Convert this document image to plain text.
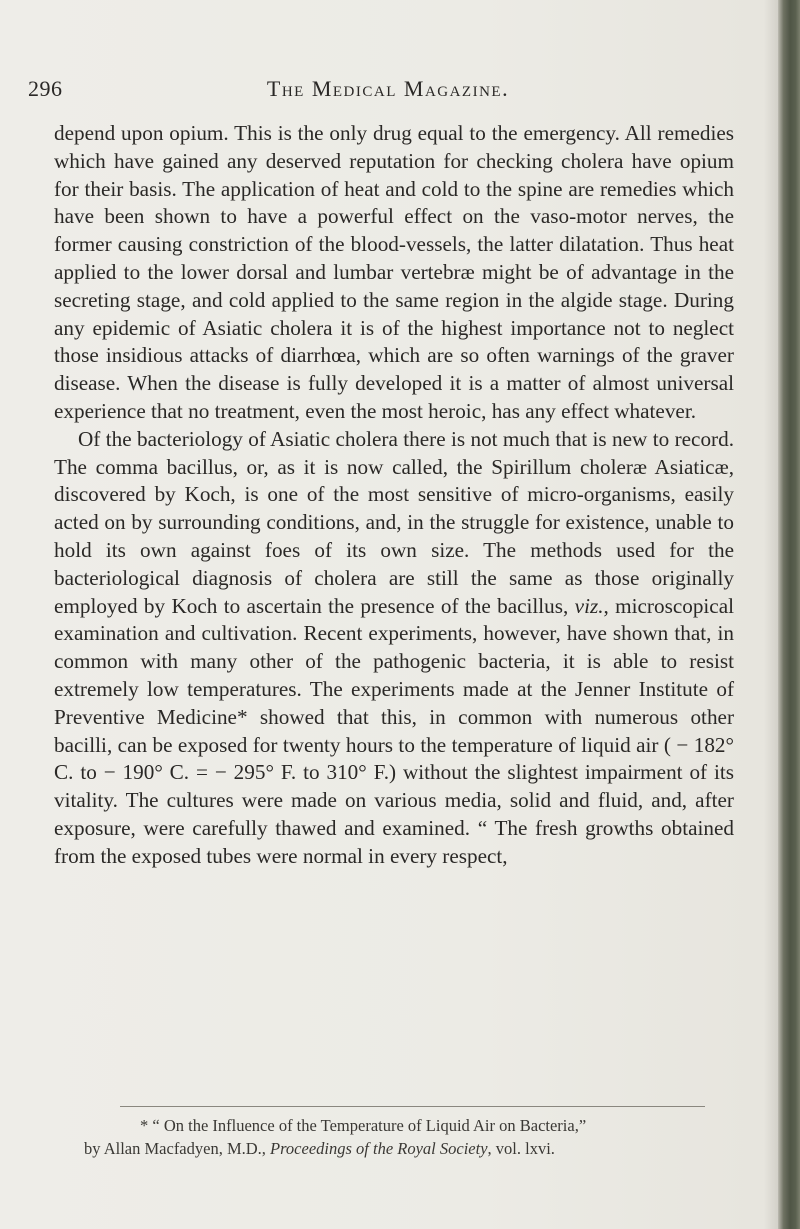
296	The Medical Magazine.

depend upon opium. This is the only drug equal to the emergency. All remedies which have gained any deserved reputation for checking cholera have opium for their basis. The application of heat and cold to the spine are remedies which have been shown to have a powerful effect on the vaso-motor nerves, the former causing constriction of the blood-vessels, the latter dilatation. Thus heat applied to the lower dorsal and lumbar vertebræ might be of advantage in the secreting stage, and cold applied to the same region in the algide stage. During any epidemic of Asiatic cholera it is of the highest importance not to neglect those insidious attacks of diarrhœa, which are so often warnings of the graver disease. When the disease is fully developed it is a matter of almost universal experience that no treatment, even the most heroic, has any effect whatever.

Of the bacteriology of Asiatic cholera there is not much that is new to record. The comma bacillus, or, as it is now called, the Spirillum choleræ Asiaticæ, discovered by Koch, is one of the most sensitive of micro-organisms, easily acted on by surrounding conditions, and, in the struggle for existence, unable to hold its own against foes of its own size. The methods used for the bacteriological diagnosis of cholera are still the same as those originally employed by Koch to ascertain the presence of the bacillus, viz., microscopical examination and cultivation. Recent experiments, however, have shown that, in common with many other of the pathogenic bacteria, it is able to resist extremely low temperatures. The experiments made at the Jenner Institute of Preventive Medicine* showed that this, in common with numerous other bacilli, can be exposed for twenty hours to the temperature of liquid air ( − 182° C. to − 190° C. = − 295° F. to 310° F.) without the slightest impairment of its vitality. The cultures were made on various media, solid and fluid, and, after exposure, were carefully thawed and examined. “ The fresh growths obtained from the exposed tubes were normal in every respect,

* “ On the Influence of the Temperature of Liquid Air on Bacteria,”
by Allan Macfadyen, M.D., Proceedings of the Royal Society, vol. lxvi.
